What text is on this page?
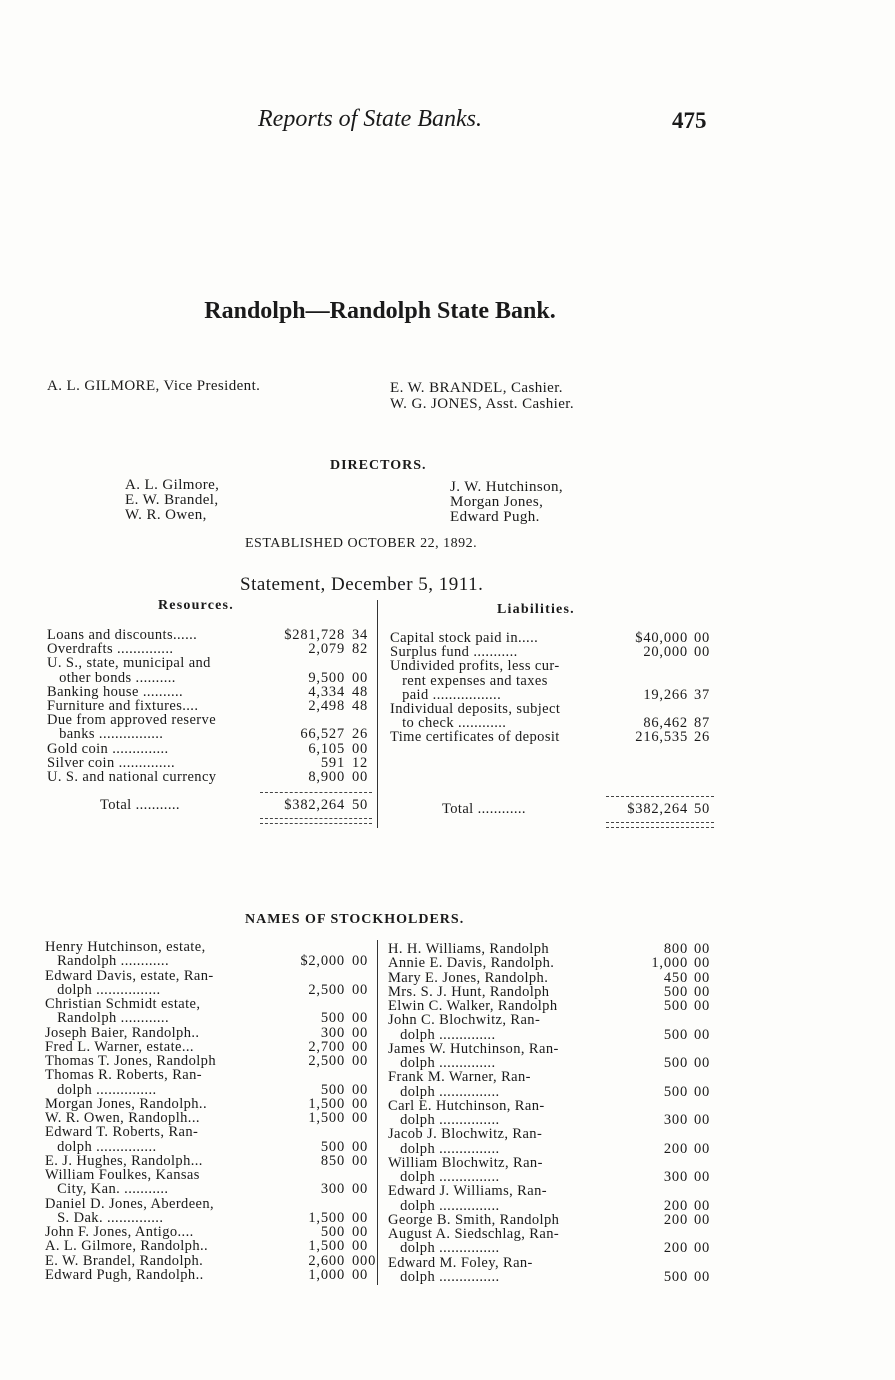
Reports of State Banks.	475
Randolph—Randolph State Bank.
A. L. GILMORE, Vice President.	E. W. BRANDEL, Cashier.
W. G. JONES, Asst. Cashier.
DIRECTORS.
A. L. Gilmore,
E. W. Brandel,
W. R. Owen,
J. W. Hutchinson,
Morgan Jones,
Edward Pugh.
ESTABLISHED OCTOBER 22, 1892.
Statement, December 5, 1911.
Resources.	Liabilities.
Loans and discounts......	$281,728 34
Overdrafts ..............	2,079 82
U. S., state, municipal and
other bonds ..........	9,500 00
Banking house ..........	4,334 48
Furniture and fixtures....	2,498 48
Due from approved reserve
banks ................	66,527 26
Gold coin ..............	6,105 00
Silver coin ..............	591 12
U. S. and national currency	8,900 00
Capital stock paid in.....	$40,000 00
Surplus fund ...........	20,000 00
Undivided profits, less cur-
rent expenses and taxes
paid .................	19,266 37
Individual deposits, subject
to check ............	86,462 87
Time certificates of deposit	216,535 26
Total ...........	$382,264 50	Total ............	$382,264 50
NAMES OF STOCKHOLDERS.
Henry Hutchinson, estate,
Randolph ............	$2,000 00
Edward Davis, estate, Ran-
dolph ................	2,500 00
Christian Schmidt estate,
Randolph ............	500 00
Joseph Baier, Randolph..	300 00
Fred L. Warner, estate...	2,700 00
Thomas T. Jones, Randolph	2,500 00
Thomas R. Roberts, Ran-
dolph ...............	500 00
Morgan Jones, Randolph..	1,500 00
W. R. Owen, Randoplh...	1,500 00
Edward T. Roberts, Ran-
dolph ...............	500 00
E. J. Hughes, Randolph...	850 00
William Foulkes, Kansas
City, Kan. ...........	300 00
Daniel D. Jones, Aberdeen,
S. Dak. ..............	1,500 00
John F. Jones, Antigo....	500 00
A. L. Gilmore, Randolph..	1,500 00
E. W. Brandel, Randolph.	2,600 000
Edward Pugh, Randolph..	1,000 00
H. H. Williams, Randolph	800 00
Annie E. Davis, Randolph.	1,000 00
Mary E. Jones, Randolph.	450 00
Mrs. S. J. Hunt, Randolph	500 00
Elwin C. Walker, Randolph	500 00
John C. Blochwitz, Ran-
dolph ..............	500 00
James W. Hutchinson, Ran-
dolph ..............	500 00
Frank M. Warner, Ran-
dolph ...............	500 00
Carl E. Hutchinson, Ran-
dolph ...............	300 00
Jacob J. Blochwitz, Ran-
dolph ...............	200 00
William Blochwitz, Ran-
dolph ...............	300 00
Edward J. Williams, Ran-
dolph ...............	200 00
George B. Smith, Randolph	200 00
August A. Siedschlag, Ran-
dolph ...............	200 00
Edward M. Foley, Ran-
dolph ...............	500 00
